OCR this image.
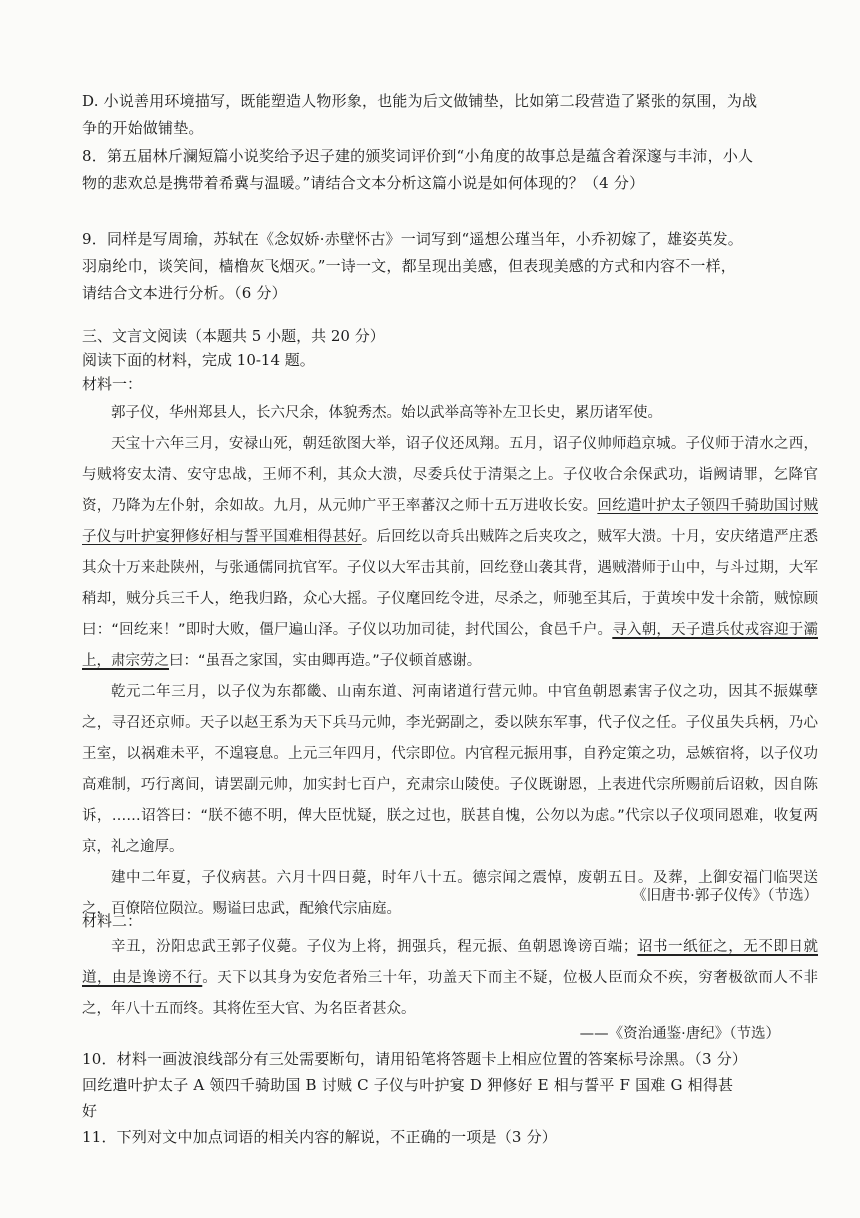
D. 小说善用环境描写，既能塑造人物形象，也能为后文做铺垫，比如第二段营造了紧张的氛围，为战

争的开始做铺垫。

8．第五届林斤澜短篇小说奖给予迟子建的颁奖词评价到“小角度的故事总是蕴含着深邃与丰沛，小人

物的悲欢总是携带着希冀与温暖。”请结合文本分析这篇小说是如何体现的？（4 分）

9．同样是写周瑜，苏轼在《念奴娇·赤壁怀古》一词写到“遥想公瑾当年，小乔初嫁了，雄姿英发。

羽扇纶巾，谈笑间，樯橹灰飞烟灭。”一诗一文，都呈现出美感，但表现美感的方式和内容不一样，

请结合文本进行分析。（6 分）

三、文言文阅读（本题共 5 小题，共 20 分）

阅读下面的材料，完成 10-14 题。

材料一：

郭子仪，华州郑县人，长六尺余，体貌秀杰。始以武举高等补左卫长史，累历诸军使。

天宝十六年三月，安禄山死，朝廷欲图大举，诏子仪还凤翔。五月，诏子仪帅师趋京城。子仪师于清水之西，与贼将安太清、安守忠战，王师不利，其众大溃，尽委兵仗于清渠之上。子仪收合余保武功，诣阙请罪，乞降官资，乃降为左仆射，余如故。九月，从元帅广平王率蕃汉之师十五万进收长安。回纥遣叶护太子领四千骑助国讨贼子仪与叶护宴狎修好相与誓平国难相得甚好。后回纥以奇兵出贼阵之后夹攻之，贼军大溃。十月，安庆绪遣严庄悉其众十万来赴陕州，与张通儒同抗官军。子仪以大军击其前，回纥登山袭其背，遇贼潜师于山中，与斗过期，大军稍却，贼分兵三千人，绝我归路，众心大摇。子仪麾回纥令进，尽杀之，师驰至其后，于黄埃中发十余箭，贼惊顾曰：“回纥来！”即时大败，僵尸遍山泽。子仪以功加司徒，封代国公，食邑千户。寻入朝，天子遣兵仗戎容迎于灞上，肃宗劳之曰：“虽吾之家国，实由卿再造。”子仪顿首感谢。

乾元二年三月，以子仪为东都畿、山南东道、河南诸道行营元帅。中官鱼朝恩素害子仪之功，因其不振媒孽之，寻召还京师。天子以赵王系为天下兵马元帅，李光弼副之，委以陕东军事，代子仪之任。子仪虽失兵柄，乃心王室，以祸难未平，不遑寝息。上元三年四月，代宗即位。内官程元振用事，自矜定策之功，忌嫉宿将，以子仪功高难制，巧行离间，请罢副元帅，加实封七百户，充肃宗山陵使。子仪既谢恩，上表进代宗所赐前后诏敕，因自陈诉，……诏答曰：“朕不德不明，俾大臣忧疑，朕之过也，朕甚自愧，公勿以为虑。”代宗以子仪项同恩难，收复两京，礼之逾厚。

建中二年夏，子仪病甚。六月十四日薨，时年八十五。德宗闻之震悼，废朝五日。及葬，上御安福门临哭送之，百僚陪位陨泣。赐谥曰忠武，配飨代宗庙庭。

《旧唐书·郭子仪传》（节选）
材料二：

辛丑，汾阳忠武王郭子仪薨。子仪为上将，拥强兵，程元振、鱼朝恩谗谤百端；诏书一纸征之，无不即日就道，由是谗谤不行。天下以其身为安危者殆三十年，功盖天下而主不疑，位极人臣而众不疾，穷奢极欲而人不非之，年八十五而终。其将佐至大官、为名臣者甚众。

——《资治通鉴·唐纪》（节选）

10．材料一画波浪线部分有三处需要断句，请用铅笔将答题卡上相应位置的答案标号涂黑。（3 分）

回纥遣叶护太子 A 领四千骑助国 B 讨贼 C 子仪与叶护宴 D 狎修好 E 相与誓平 F 国难 G 相得甚

好

11．下列对文中加点词语的相关内容的解说，不正确的一项是（3 分）
